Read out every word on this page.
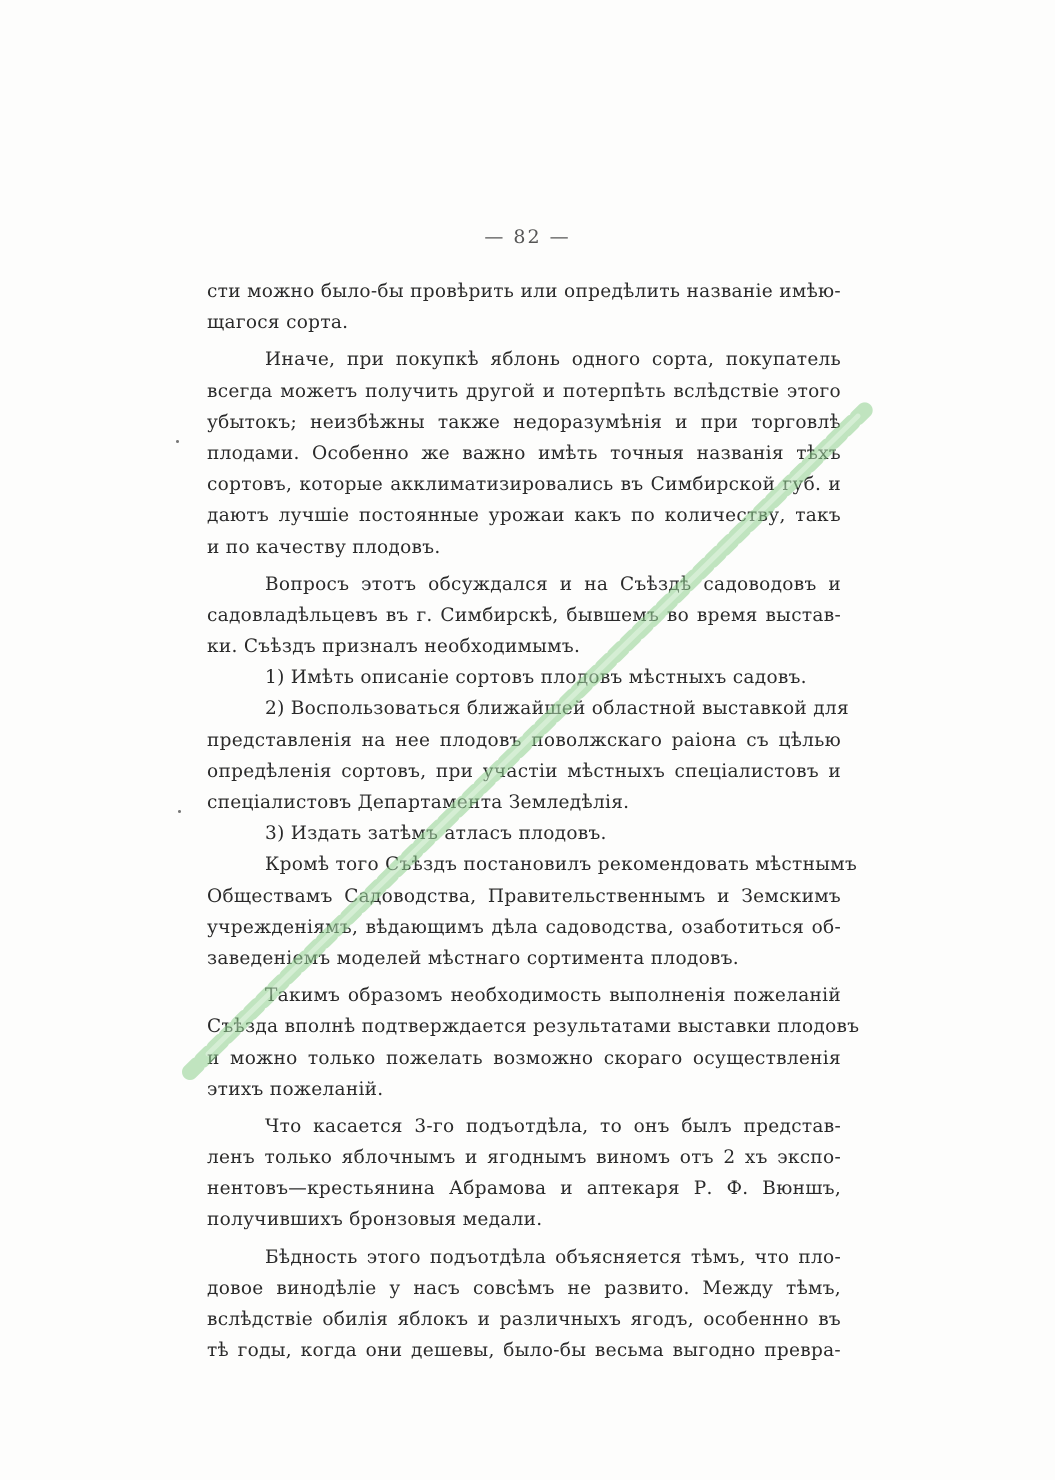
— 82 —
сти можно было-бы провѣрить или опредѣлить названіе имѣю-
щагося сорта.
Иначе, при покупкѣ яблонь одного сорта, покупатель
всегда можетъ получить другой и потерпѣть вслѣдствіе этого
убытокъ; неизбѣжны также недоразумѣнія и при торговлѣ
плодами. Особенно же важно имѣть точныя названія тѣхъ
сортовъ, которые акклиматизировались въ Симбирской губ. и
даютъ лучшіе постоянные урожаи какъ по количеству, такъ
и по качеству плодовъ.
Вопросъ этотъ обсуждался и на Съѣздѣ садоводовъ и
садовладѣльцевъ въ г. Симбирскѣ, бывшемъ во время выстав-
ки. Съѣздъ призналъ необходимымъ.
1) Имѣть описаніе сортовъ плодовъ мѣстныхъ садовъ.
2) Воспользоваться ближайшей областной выставкой для
представленія на нее плодовъ поволжскаго раіона съ цѣлью
опредѣленія сортовъ, при участіи мѣстныхъ спеціалистовъ и
спеціалистовъ Департамента Земледѣлія.
3) Издать затѣмъ атласъ плодовъ.
Кромѣ того Съѣздъ постановилъ рекомендовать мѣстнымъ
Обществамъ Садоводства, Правительственнымъ и Земскимъ
учрежденіямъ, вѣдающимъ дѣла садоводства, озаботиться об-
заведеніемъ моделей мѣстнаго сортимента плодовъ.
Такимъ образомъ необходимость выполненія пожеланій
Съѣзда вполнѣ подтверждается результатами выставки плодовъ
и можно только пожелать возможно скораго осуществленія
этихъ пожеланій.
Что касается 3-го подъотдѣла, то онъ былъ представ-
ленъ только яблочнымъ и ягоднымъ виномъ отъ 2 хъ экспо-
нентовъ—крестьянина Абрамова и аптекаря Р. Ф. Вюншъ,
получившихъ бронзовыя медали.
Бѣдность этого подъотдѣла объясняется тѣмъ, что пло-
довое винодѣліе у насъ совсѣмъ не развито. Между тѣмъ,
вслѣдствіе обилія яблокъ и различныхъ ягодъ, особеннно въ
тѣ годы, когда они дешевы, было-бы весьма выгодно превра-
